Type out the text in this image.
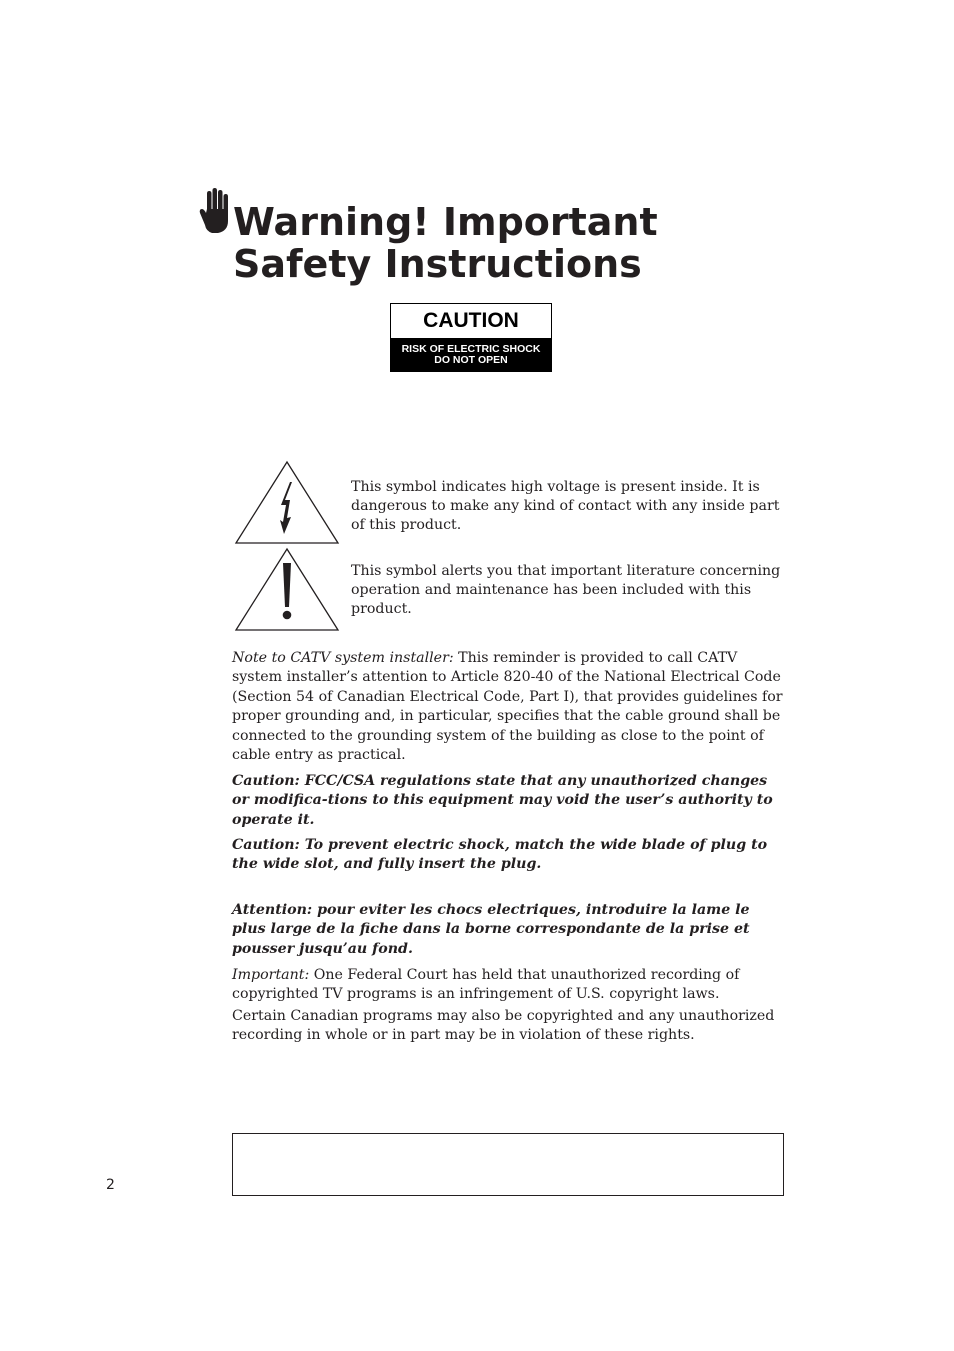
Warning! Important
Safety Instructions
CAUTION
RISK OF ELECTRIC SHOCK
DO NOT OPEN

This symbol indicates high voltage is present inside. It is dangerous to make any kind of contact with any inside part of this product.

This symbol alerts you that important literature concerning operation and maintenance has been included with this product.

Note to CATV system installer: This reminder is provided to call CATV system installer’s attention to Article 820-40 of the National Electrical Code (Section 54 of Canadian Electrical Code, Part I), that provides guidelines for proper grounding and, in particular, specifies that the cable ground shall be connected to the grounding system of the building as close to the point of cable entry as practical.

Caution: FCC/CSA regulations state that any unauthorized changes or modifica-tions to this equipment may void the user’s authority to operate it.

Caution: To prevent electric shock, match the wide blade of plug to the wide slot, and fully insert the plug.

Attention: pour eviter les chocs electriques, introduire la lame le plus large de la fiche dans la borne correspondante de la prise et pousser jusqu’au fond.

Important: One Federal Court has held that unauthorized recording of copyrighted TV programs is an infringement of U.S. copyright laws.

Certain Canadian programs may also be copyrighted and any unauthorized recording in whole or in part may be in violation of these rights.

2
